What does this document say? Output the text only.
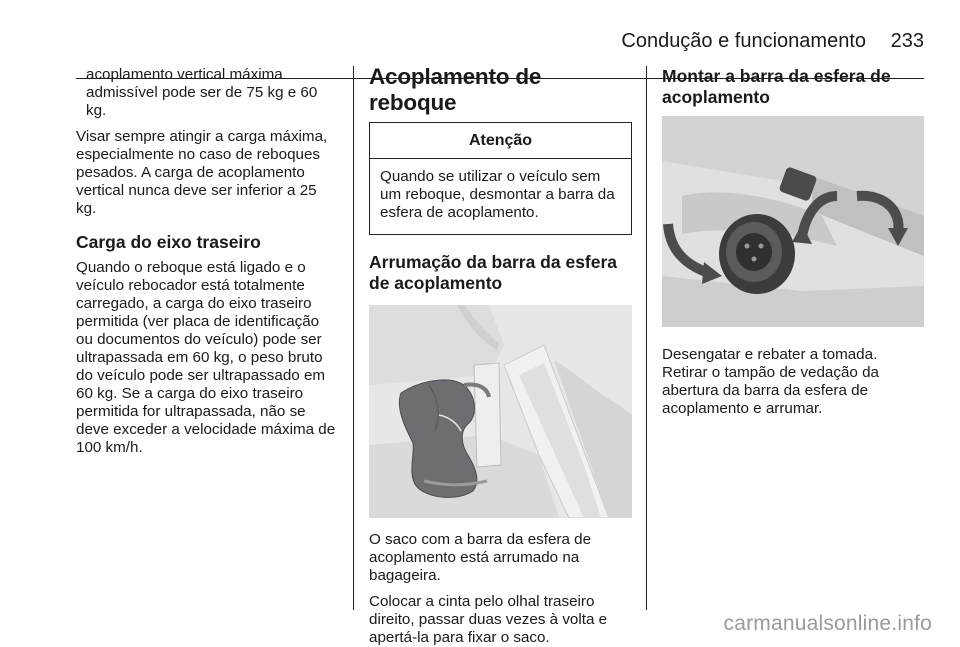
Condução e funcionamento 233

acoplamento vertical máxima admissível pode ser de 75 kg e 60 kg.

Visar sempre atingir a carga máxima, especialmente no caso de reboques pesados. A carga de acoplamento vertical nunca deve ser inferior a 25 kg.

Carga do eixo traseiro

Quando o reboque está ligado e o veículo rebocador está totalmente carregado, a carga do eixo traseiro permitida (ver placa de identificação ou documentos do veículo) pode ser ultrapassada em 60 kg, o peso bruto do veículo pode ser ultrapassado em 60 kg. Se a carga do eixo traseiro permitida for ultrapassada, não se deve exceder a velocidade máxima de 100 km/h.

Acoplamento de reboque
Atenção
Quando se utilizar o veículo sem um reboque, desmontar a barra da esfera de acoplamento.
Arrumação da barra da esfera de acoplamento

O saco com a barra da esfera de acoplamento está arrumado na bagageira.

Colocar a cinta pelo olhal traseiro direito, passar duas vezes à volta e apertá-la para fixar o saco.

Montar a barra da esfera de acoplamento

Desengatar e rebater a tomada. Retirar o tampão de vedação da abertura da barra da esfera de acoplamento e arrumar.

carmanualsonline.info
